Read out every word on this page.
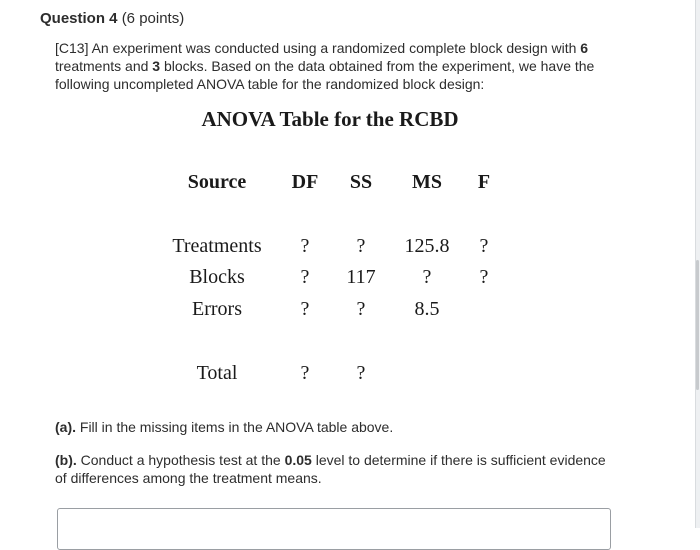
Question 4 (6 points)
[C13] An experiment was conducted using a randomized complete block design with 6 treatments and 3 blocks. Based on the data obtained from the experiment, we have the following uncompleted ANOVA table for the randomized block design:
ANOVA Table for the RCBD
Source DF SS MS F
Treatments ? ? 125.8 ?
Blocks	? 117 ? ?
Errors	? ? 8.5
Total	? ?
(a). Fill in the missing items in the ANOVA table above.
(b). Conduct a hypothesis test at the 0.05 level to determine if there is sufficient evidence of differences among the treatment means.
